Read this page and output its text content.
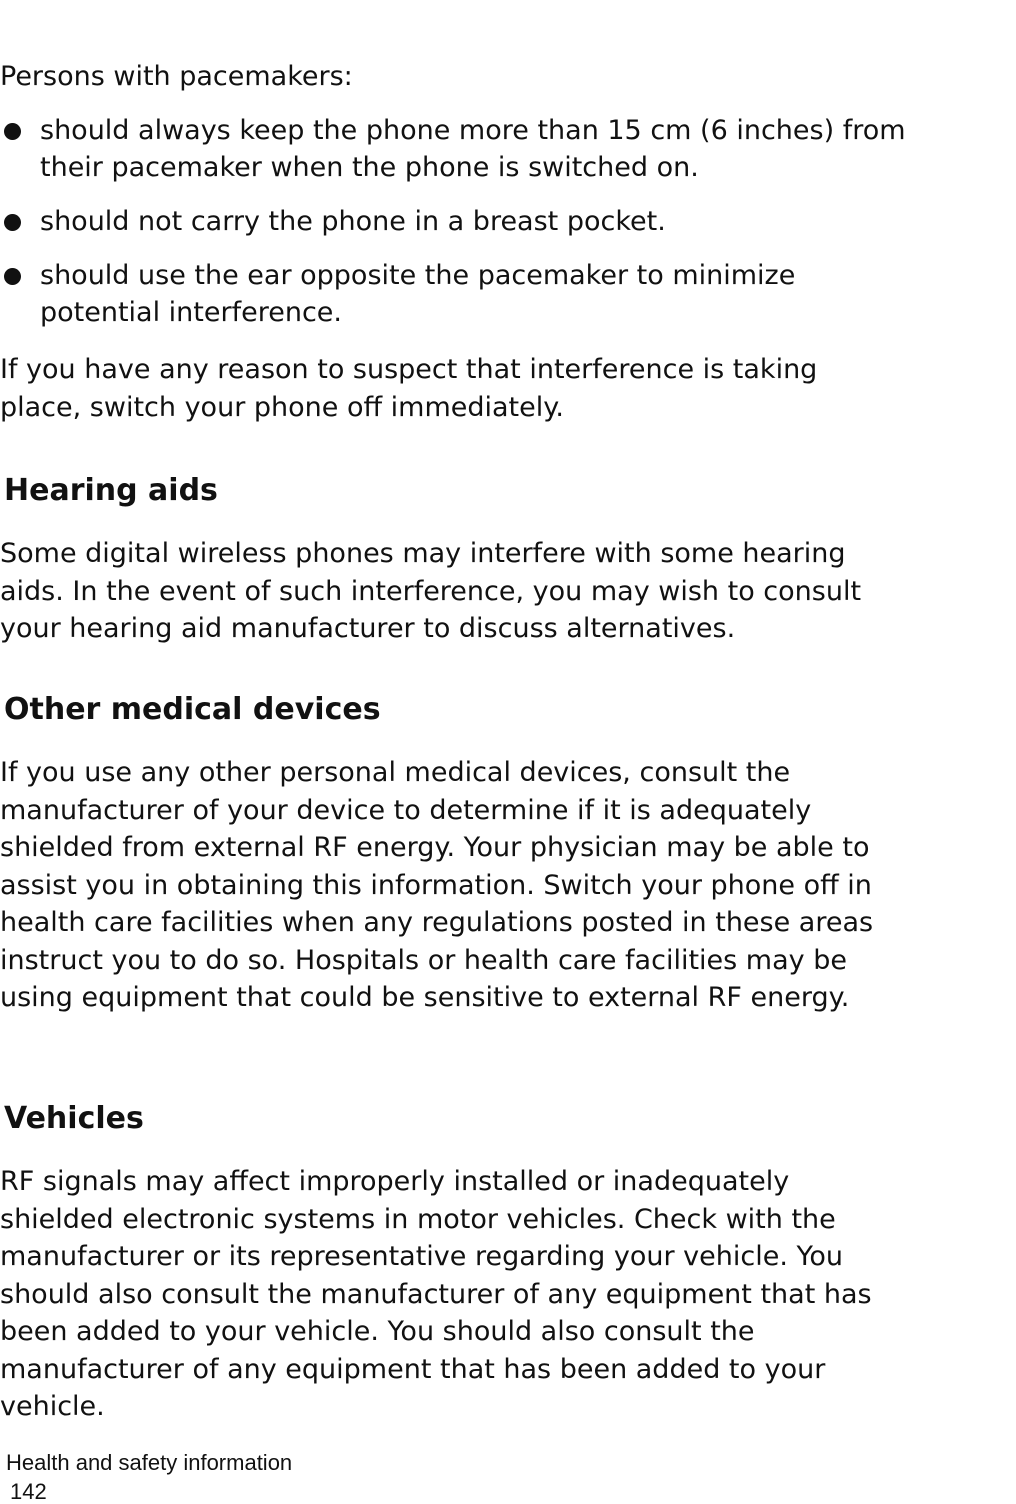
Persons with pacemakers:

should always keep the phone more than 15 cm (6 inches) from their pacemaker when the phone is switched on.
should not carry the phone in a breast pocket.
should use the ear opposite the pacemaker to minimize potential interference.

If you have any reason to suspect that interference is taking place, switch your phone off immediately.

Hearing aids

Some digital wireless phones may interfere with some hearing aids. In the event of such interference, you may wish to consult your hearing aid manufacturer to discuss alternatives.

Other medical devices

If you use any other personal medical devices, consult the manufacturer of your device to determine if it is adequately shielded from external RF energy. Your physician may be able to assist you in obtaining this information. Switch your phone off in health care facilities when any regulations posted in these areas instruct you to do so. Hospitals or health care facilities may be using equipment that could be sensitive to external RF energy.

Vehicles

RF signals may affect improperly installed or inadequately shielded electronic systems in motor vehicles. Check with the manufacturer or its representative regarding your vehicle. You should also consult the manufacturer of any equipment that has been added to your vehicle. You should also consult the manufacturer of any equipment that has been added to your vehicle.

Health and safety information

142
